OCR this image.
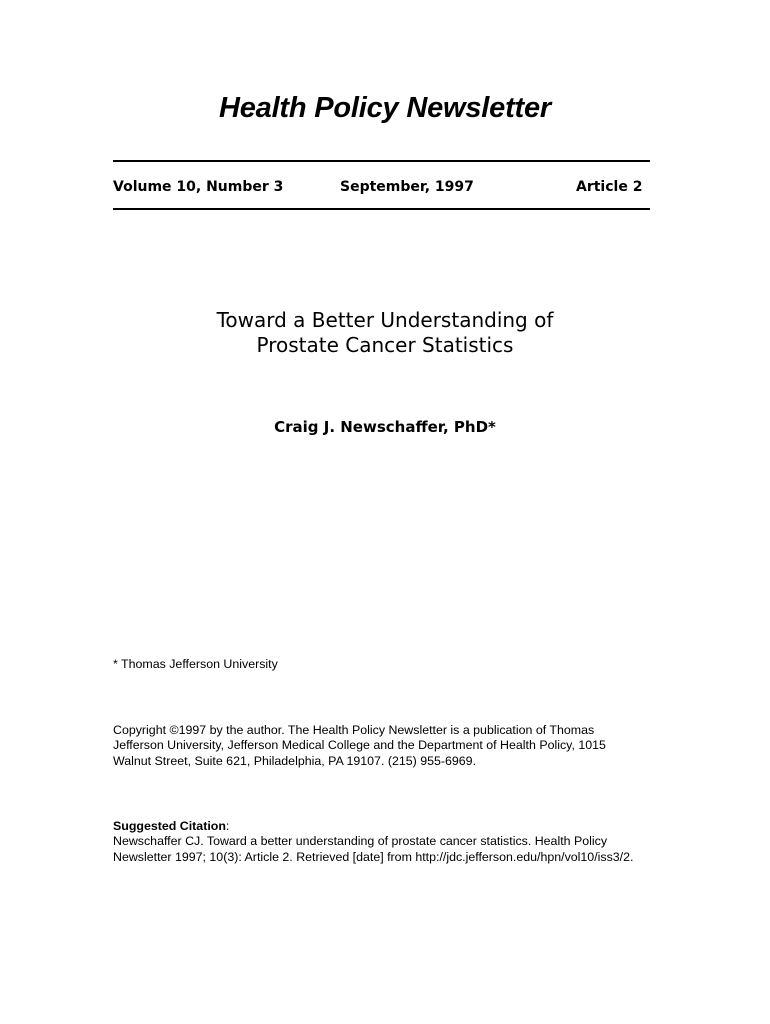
Health Policy Newsletter
Volume 10, Number 3	September, 1997	Article 2
Toward a Better Understanding of
Prostate Cancer Statistics
Craig J. Newschaffer, PhD*
* Thomas Jefferson University
Copyright ©1997 by the author. The Health Policy Newsletter is a publication of Thomas
Jefferson University, Jefferson Medical College and the Department of Health Policy, 1015
Walnut Street, Suite 621, Philadelphia, PA 19107. (215) 955-6969.
Suggested Citation:
Newschaffer CJ. Toward a better understanding of prostate cancer statistics. Health Policy
Newsletter 1997; 10(3): Article 2. Retrieved [date] from http://jdc.jefferson.edu/hpn/vol10/iss3/2.
